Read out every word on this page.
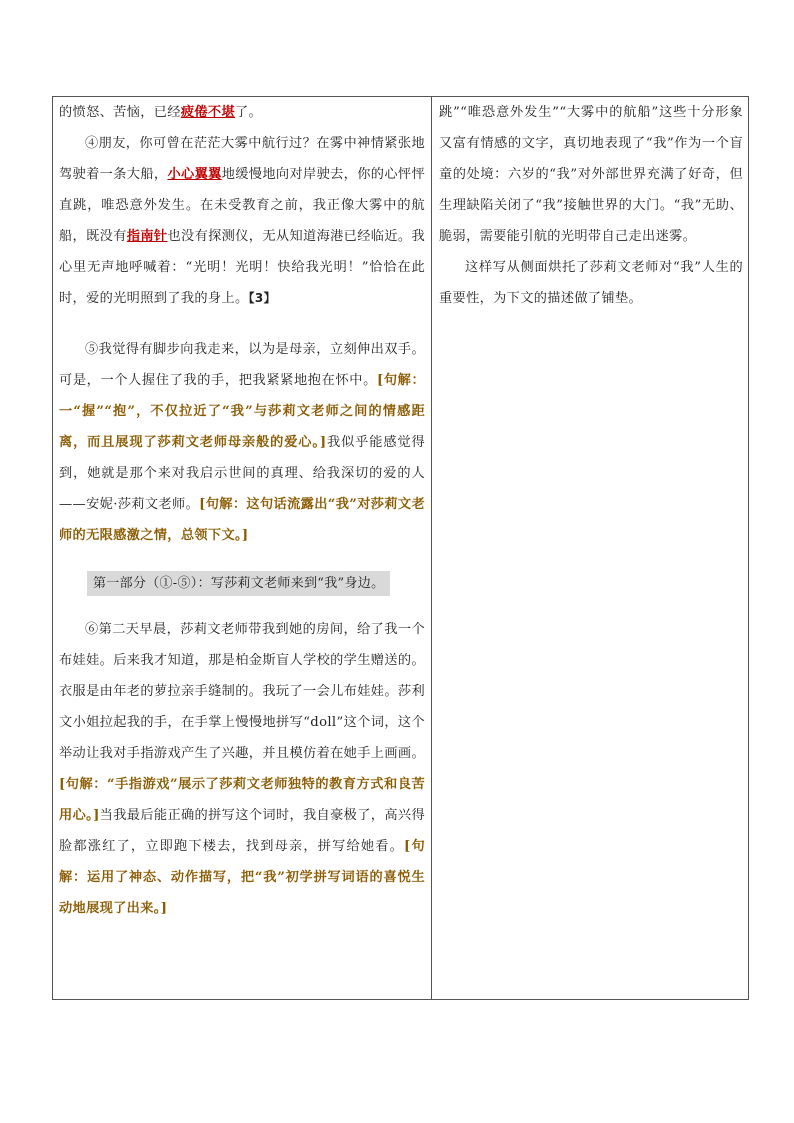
的愤怒、苦恼，已经疲倦不堪了。

④朋友，你可曾在茫茫大雾中航行过？在雾中神情紧张地驾驶着一条大船，小心翼翼地缓慢地向对岸驶去，你的心怦怦直跳，唯恐意外发生。在未受教育之前，我正像大雾中的航船，既没有指南针也没有探测仪，无从知道海港已经临近。我心里无声地呼喊着：“光明！光明！快给我光明！”恰恰在此时，爱的光明照到了我的身上。【3】

⑤我觉得有脚步向我走来，以为是母亲，立刻伸出双手。可是，一个人握住了我的手，把我紧紧地抱在怀中。[句解：一“握”“抱”，不仅拉近了“我”与莎莉文老师之间的情感距离，而且展现了莎莉文老师母亲般的爱心。]我似乎能感觉得到，她就是那个来对我启示世间的真理、给我深切的爱的人——安妮·莎莉文老师。[句解：这句话流露出“我”对莎莉文老师的无限感激之情，总领下文。]

第一部分（①-⑤）：写莎莉文老师来到“我”身边。

⑥第二天早晨，莎莉文老师带我到她的房间，给了我一个布娃娃。后来我才知道，那是柏金斯盲人学校的学生赠送的。衣服是由年老的萝拉亲手缝制的。我玩了一会儿布娃娃。莎利文小姐拉起我的手，在手掌上慢慢地拼写“doll”这个词，这个举动让我对手指游戏产生了兴趣，并且模仿着在她手上画画。[句解：“手指游戏”展示了莎莉文老师独特的教育方式和良苦用心。]当我最后能正确的拼写这个词时，我自豪极了，高兴得脸都涨红了，立即跑下楼去，找到母亲，拼写给她看。[句解：运用了神态、动作描写，把“我”初学拼写词语的喜悦生动地展现了出来。]

跳”“唯恐意外发生”“大雾中的航船”这些十分形象又富有情感的文字，真切地表现了“我”作为一个盲童的处境：六岁的“我”对外部世界充满了好奇，但生理缺陷关闭了“我”接触世界的大门。“我”无助、脆弱，需要能引航的光明带自己走出迷雾。

这样写从侧面烘托了莎莉文老师对“我”人生的重要性，为下文的描述做了铺垫。
